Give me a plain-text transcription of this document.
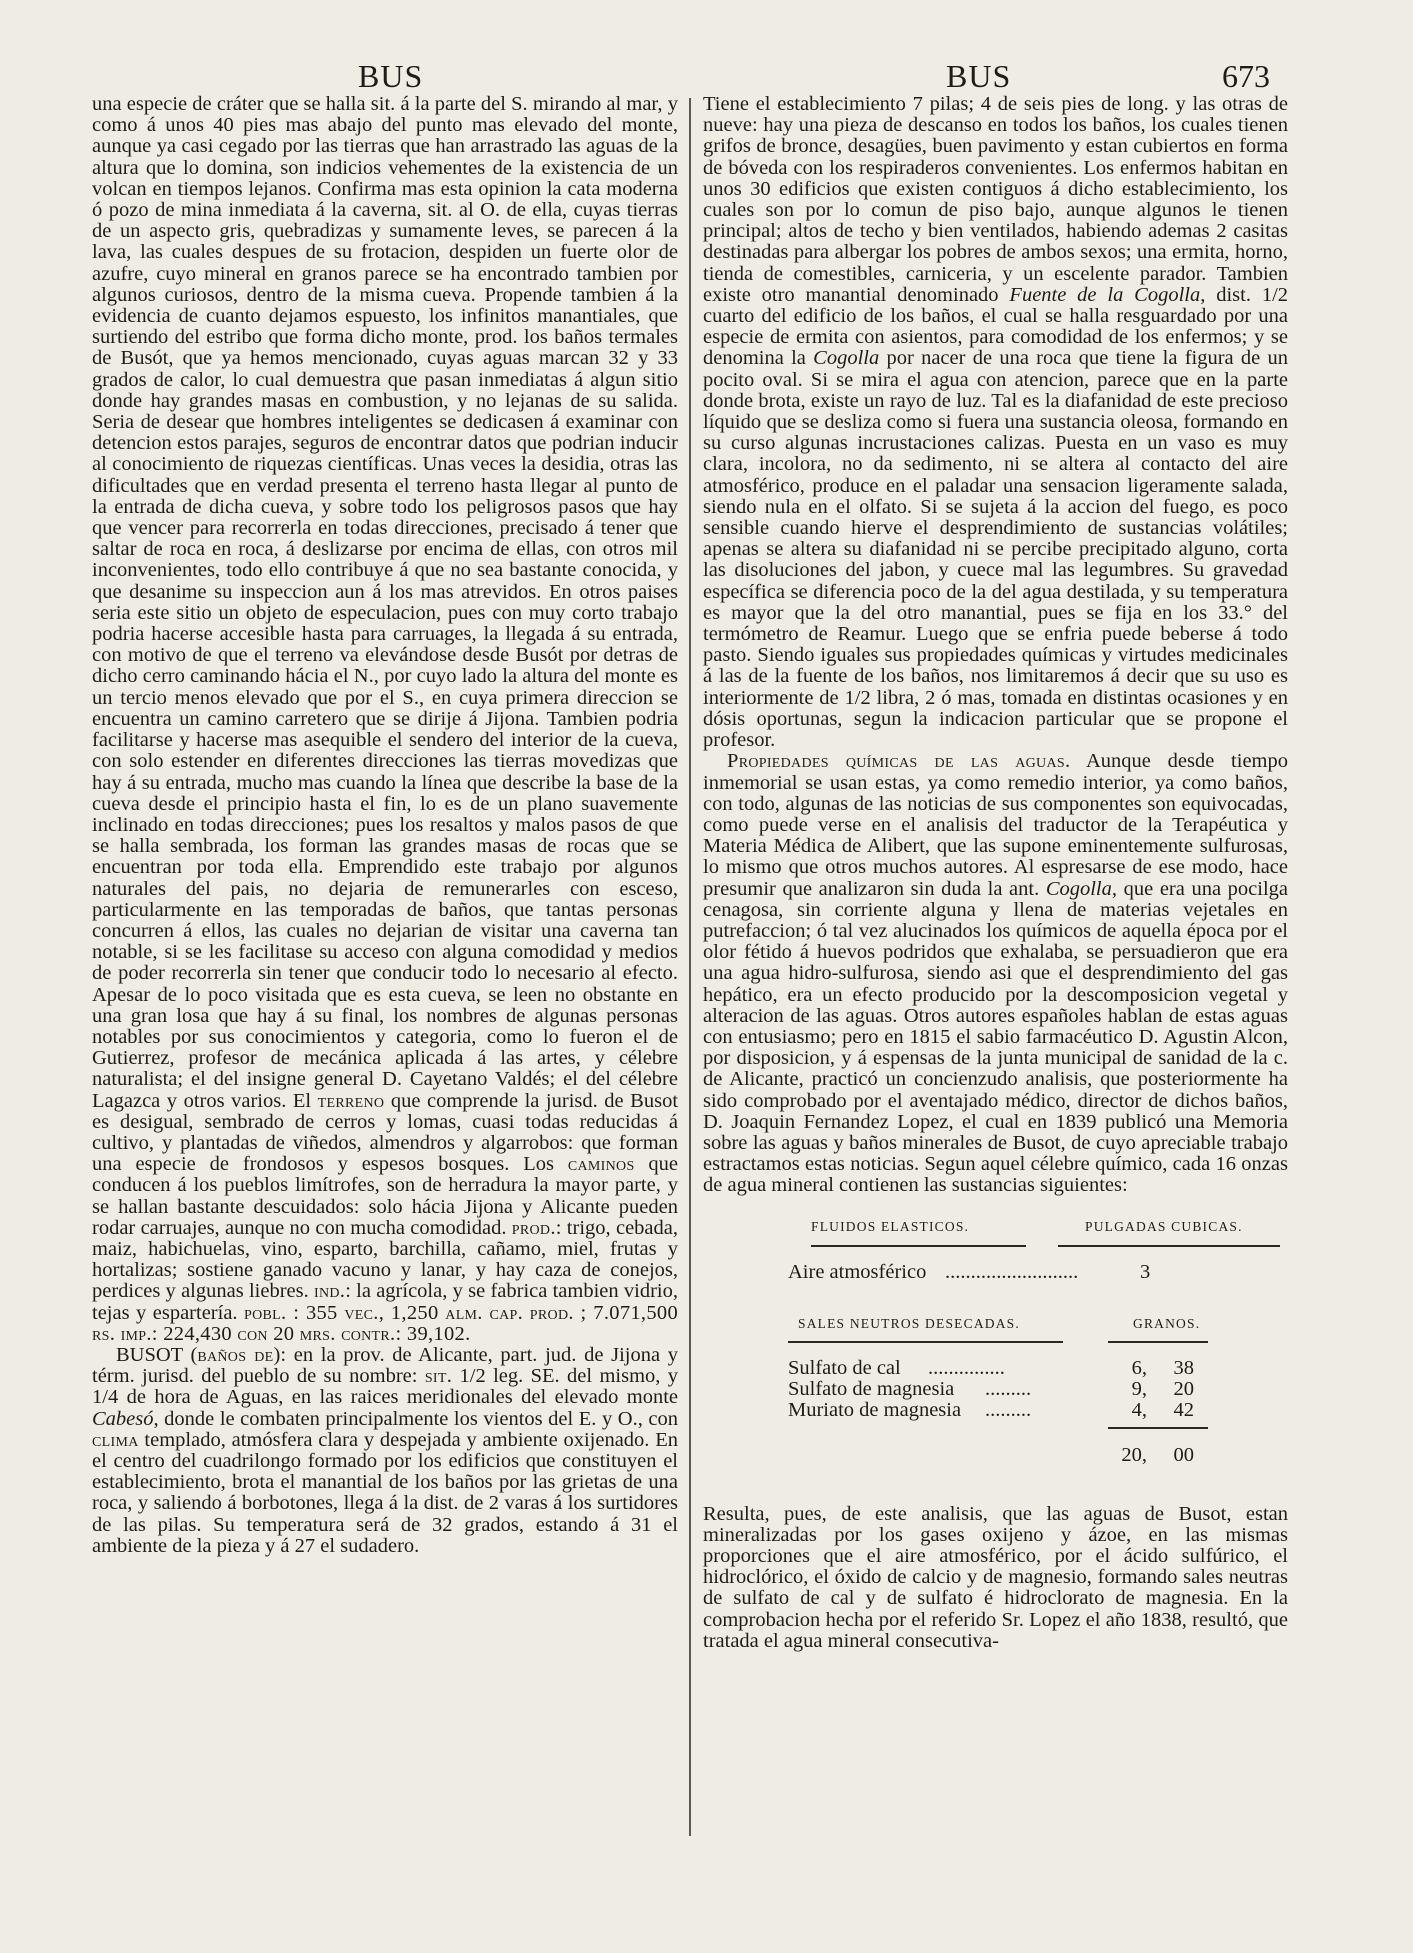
BUS	BUS	673

una especie de cráter que se halla sit. á la parte del S. mirando al mar, y como á unos 40 pies mas abajo del punto mas elevado del monte, aunque ya casi cegado por las tierras que han arrastrado las aguas de la altura que lo domina, son indicios vehementes de la existencia de un volcan en tiempos lejanos. Confirma mas esta opinion la cata moderna ó pozo de mina inmediata á la caverna, sit. al O. de ella, cuyas tierras de un aspecto gris, quebradizas y sumamente leves, se parecen á la lava, las cuales despues de su frotacion, despiden un fuerte olor de azufre, cuyo mineral en granos parece se ha encontrado tambien por algunos curiosos, dentro de la misma cueva. Propende tambien á la evidencia de cuanto dejamos espuesto, los infinitos manantiales, que surtiendo del estribo que forma dicho monte, prod. los baños termales de Busót, que ya hemos mencionado, cuyas aguas marcan 32 y 33 grados de calor, lo cual demuestra que pasan inmediatas á algun sitio donde hay grandes masas en combustion, y no lejanas de su salida. Seria de desear que hombres inteligentes se dedicasen á examinar con detencion estos parajes, seguros de encontrar datos que podrian inducir al conocimiento de riquezas científicas. Unas veces la desidia, otras las dificultades que en verdad presenta el terreno hasta llegar al punto de la entrada de dicha cueva, y sobre todo los peligrosos pasos que hay que vencer para recorrerla en todas direcciones, precisado á tener que saltar de roca en roca, á deslizarse por encima de ellas, con otros mil inconvenientes, todo ello contribuye á que no sea bastante conocida, y que desanime su inspeccion aun á los mas atrevidos. En otros paises seria este sitio un objeto de especulacion, pues con muy corto trabajo podria hacerse accesible hasta para carruages, la llegada á su entrada, con motivo de que el terreno va elevándose desde Busót por detras de dicho cerro caminando hácia el N., por cuyo lado la altura del monte es un tercio menos elevado que por el S., en cuya primera direccion se encuentra un camino carretero que se dirije á Jijona. Tambien podria facilitarse y hacerse mas asequible el sendero del interior de la cueva, con solo estender en diferentes direcciones las tierras movedizas que hay á su entrada, mucho mas cuando la línea que describe la base de la cueva desde el principio hasta el fin, lo es de un plano suavemente inclinado en todas direcciones; pues los resaltos y malos pasos de que se halla sembrada, los forman las grandes masas de rocas que se encuentran por toda ella. Emprendido este trabajo por algunos naturales del pais, no dejaria de remunerarles con esceso, particularmente en las temporadas de baños, que tantas personas concurren á ellos, las cuales no dejarian de visitar una caverna tan notable, si se les facilitase su acceso con alguna comodidad y medios de poder recorrerla sin tener que conducir todo lo necesario al efecto. Apesar de lo poco visitada que es esta cueva, se leen no obstante en una gran losa que hay á su final, los nombres de algunas personas notables por sus conocimientos y categoria, como lo fueron el de Gutierrez, profesor de mecánica aplicada á las artes, y célebre naturalista; el del insigne general D. Cayetano Valdés; el del célebre Lagazca y otros varios. El terreno que comprende la jurisd. de Busot es desigual, sembrado de cerros y lomas, cuasi todas reducidas á cultivo, y plantadas de viñedos, almendros y algarrobos: que forman una especie de frondosos y espesos bosques. Los caminos que conducen á los pueblos limítrofes, son de herradura la mayor parte, y se hallan bastante descuidados: solo hácia Jijona y Alicante pueden rodar carruajes, aunque no con mucha comodidad. prod.: trigo, cebada, maiz, habichuelas, vino, esparto, barchilla, cañamo, miel, frutas y hortalizas; sostiene ganado vacuno y lanar, y hay caza de conejos, perdices y algunas liebres. ind.: la agrícola, y se fabrica tambien vidrio, tejas y espartería. pobl. : 355 vec., 1,250 alm. cap. prod. ; 7.071,500 rs. imp.: 224,430 con 20 mrs. contr.: 39,102.

BUSOT (baños de): en la prov. de Alicante, part. jud. de Jijona y térm. jurisd. del pueblo de su nombre: sit. 1/2 leg. SE. del mismo, y 1/4 de hora de Aguas, en las raices meridionales del elevado monte Cabesó, donde le combaten principalmente los vientos del E. y O., con clima templado, atmósfera clara y despejada y ambiente oxijenado. En el centro del cuadrilongo formado por los edificios que constituyen el establecimiento, brota el manantial de los baños por las grietas de una roca, y saliendo á borbotones, llega á la dist. de 2 varas á los surtidores de las pilas. Su temperatura será de 32 grados, estando á 31 el ambiente de la pieza y á 27 el sudadero.

Tiene el establecimiento 7 pilas; 4 de seis pies de long. y las otras de nueve: hay una pieza de descanso en todos los baños, los cuales tienen grifos de bronce, desagües, buen pavimento y estan cubiertos en forma de bóveda con los respiraderos convenientes. Los enfermos habitan en unos 30 edificios que existen contiguos á dicho establecimiento, los cuales son por lo comun de piso bajo, aunque algunos le tienen principal; altos de techo y bien ventilados, habiendo ademas 2 casitas destinadas para albergar los pobres de ambos sexos; una ermita, horno, tienda de comestibles, carniceria, y un escelente parador. Tambien existe otro manantial denominado Fuente de la Cogolla, dist. 1/2 cuarto del edificio de los baños, el cual se halla resguardado por una especie de ermita con asientos, para comodidad de los enfermos; y se denomina la Cogolla por nacer de una roca que tiene la figura de un pocito oval. Si se mira el agua con atencion, parece que en la parte donde brota, existe un rayo de luz. Tal es la diafanidad de este precioso líquido que se desliza como si fuera una sustancia oleosa, formando en su curso algunas incrustaciones calizas. Puesta en un vaso es muy clara, incolora, no da sedimento, ni se altera al contacto del aire atmosférico, produce en el paladar una sensacion ligeramente salada, siendo nula en el olfato. Si se sujeta á la accion del fuego, es poco sensible cuando hierve el desprendimiento de sustancias volátiles; apenas se altera su diafanidad ni se percibe precipitado alguno, corta las disoluciones del jabon, y cuece mal las legumbres. Su gravedad específica se diferencia poco de la del agua destilada, y su temperatura es mayor que la del otro manantial, pues se fija en los 33.° del termómetro de Reamur. Luego que se enfria puede beberse á todo pasto. Siendo iguales sus propiedades químicas y virtudes medicinales á las de la fuente de los baños, nos limitaremos á decir que su uso es interiormente de 1/2 libra, 2 ó mas, tomada en distintas ocasiones y en dósis oportunas, segun la indicacion particular que se propone el profesor.

Propiedades químicas de las aguas. Aunque desde tiempo inmemorial se usan estas, ya como remedio interior, ya como baños, con todo, algunas de las noticias de sus componentes son equivocadas, como puede verse en el analisis del traductor de la Terapéutica y Materia Médica de Alibert, que las supone eminentemente sulfurosas, lo mismo que otros muchos autores. Al espresarse de ese modo, hace presumir que analizaron sin duda la ant. Cogolla, que era una pocilga cenagosa, sin corriente alguna y llena de materias vejetales en putrefaccion; ó tal vez alucinados los químicos de aquella época por el olor fétido á huevos podridos que exhalaba, se persuadieron que era una agua hidro-sulfurosa, siendo asi que el desprendimiento del gas hepático, era un efecto producido por la descomposicion vegetal y alteracion de las aguas. Otros autores españoles hablan de estas aguas con entusiasmo; pero en 1815 el sabio farmacéutico D. Agustin Alcon, por disposicion, y á espensas de la junta municipal de sanidad de la c. de Alicante, practicó un concienzudo analisis, que posteriormente ha sido comprobado por el aventajado médico, director de dichos baños, D. Joaquin Fernandez Lopez, el cual en 1839 publicó una Memoria sobre las aguas y baños minerales de Busot, de cuyo apreciable trabajo estractamos estas noticias. Segun aquel célebre químico, cada 16 onzas de agua mineral contienen las sustancias siguientes:

FLUIDOS ELASTICOS.	PULGADAS CUBICAS.
Aire atmosférico ..........................	3
SALES NEUTROS DESECADAS.	GRANOS.
Sulfato de cal ...............	6,	38
Sulfato de magnesia .........	9,	20
Muriato de magnesia .........	4,	42
20,	00

Resulta, pues, de este analisis, que las aguas de Busot, estan mineralizadas por los gases oxijeno y ázoe, en las mismas proporciones que el aire atmosférico, por el ácido sulfúrico, el hidroclórico, el óxido de calcio y de magnesio, formando sales neutras de sulfato de cal y de sulfato é hidroclorato de magnesia. En la comprobacion hecha por el referido Sr. Lopez el año 1838, resultó, que tratada el agua mineral consecutiva-
